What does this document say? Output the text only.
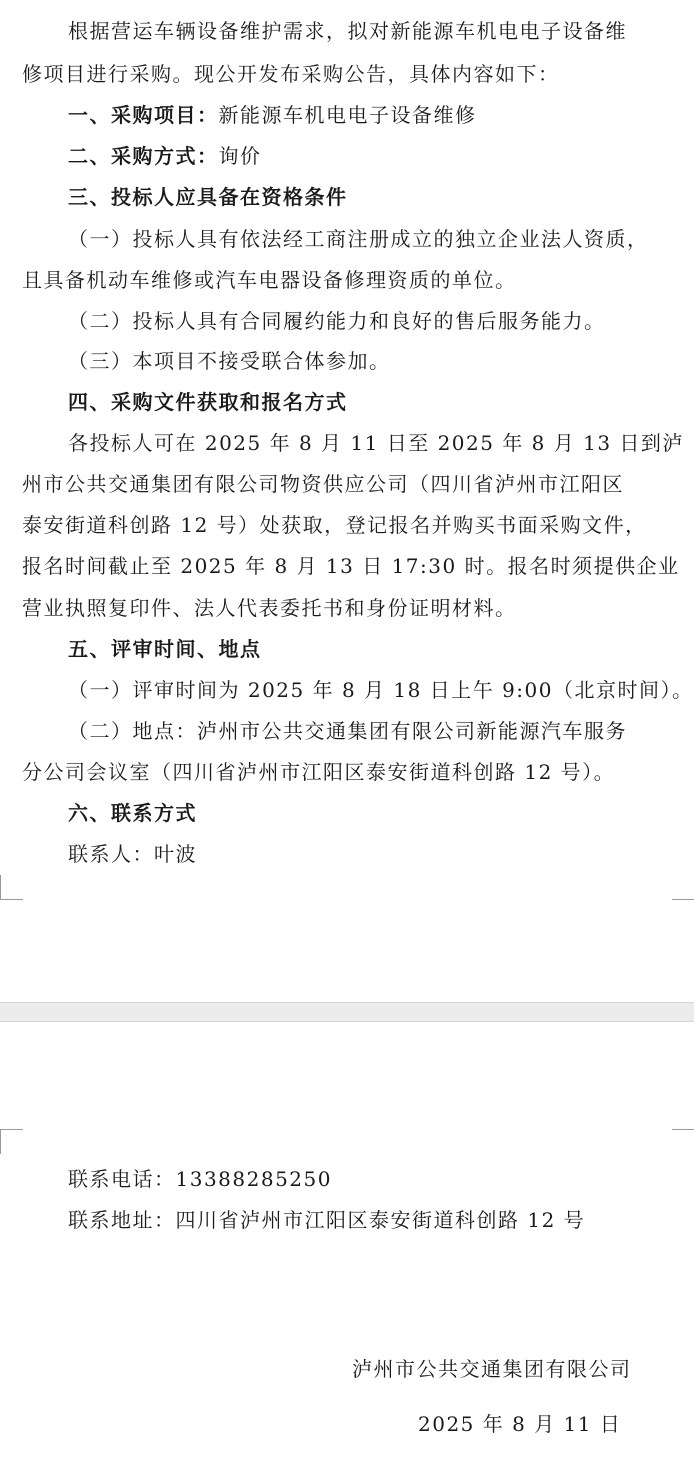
根据营运车辆设备维护需求，拟对新能源车机电电子设备维
修项目进行采购。现公开发布采购公告，具体内容如下：
一、采购项目：新能源车机电电子设备维修
二、采购方式：询价
三、投标人应具备在资格条件
（一）投标人具有依法经工商注册成立的独立企业法人资质，
且具备机动车维修或汽车电器设备修理资质的单位。
（二）投标人具有合同履约能力和良好的售后服务能力。
（三）本项目不接受联合体参加。
四、采购文件获取和报名方式
各投标人可在 2025 年 8 月 11 日至 2025 年 8 月 13 日到泸
州市公共交通集团有限公司物资供应公司（四川省泸州市江阳区
泰安街道科创路 12 号）处获取，登记报名并购买书面采购文件，
报名时间截止至 2025 年 8 月 13 日 17:30 时。报名时须提供企业
营业执照复印件、法人代表委托书和身份证明材料。
五、评审时间、地点
（一）评审时间为 2025 年 8 月 18 日上午 9:00（北京时间）。
（二）地点：泸州市公共交通集团有限公司新能源汽车服务
分公司会议室（四川省泸州市江阳区泰安街道科创路 12 号）。
六、联系方式
联系人：叶波
联系电话：13388285250
联系地址：四川省泸州市江阳区泰安街道科创路 12 号
泸州市公共交通集团有限公司
2025 年 8 月 11 日
